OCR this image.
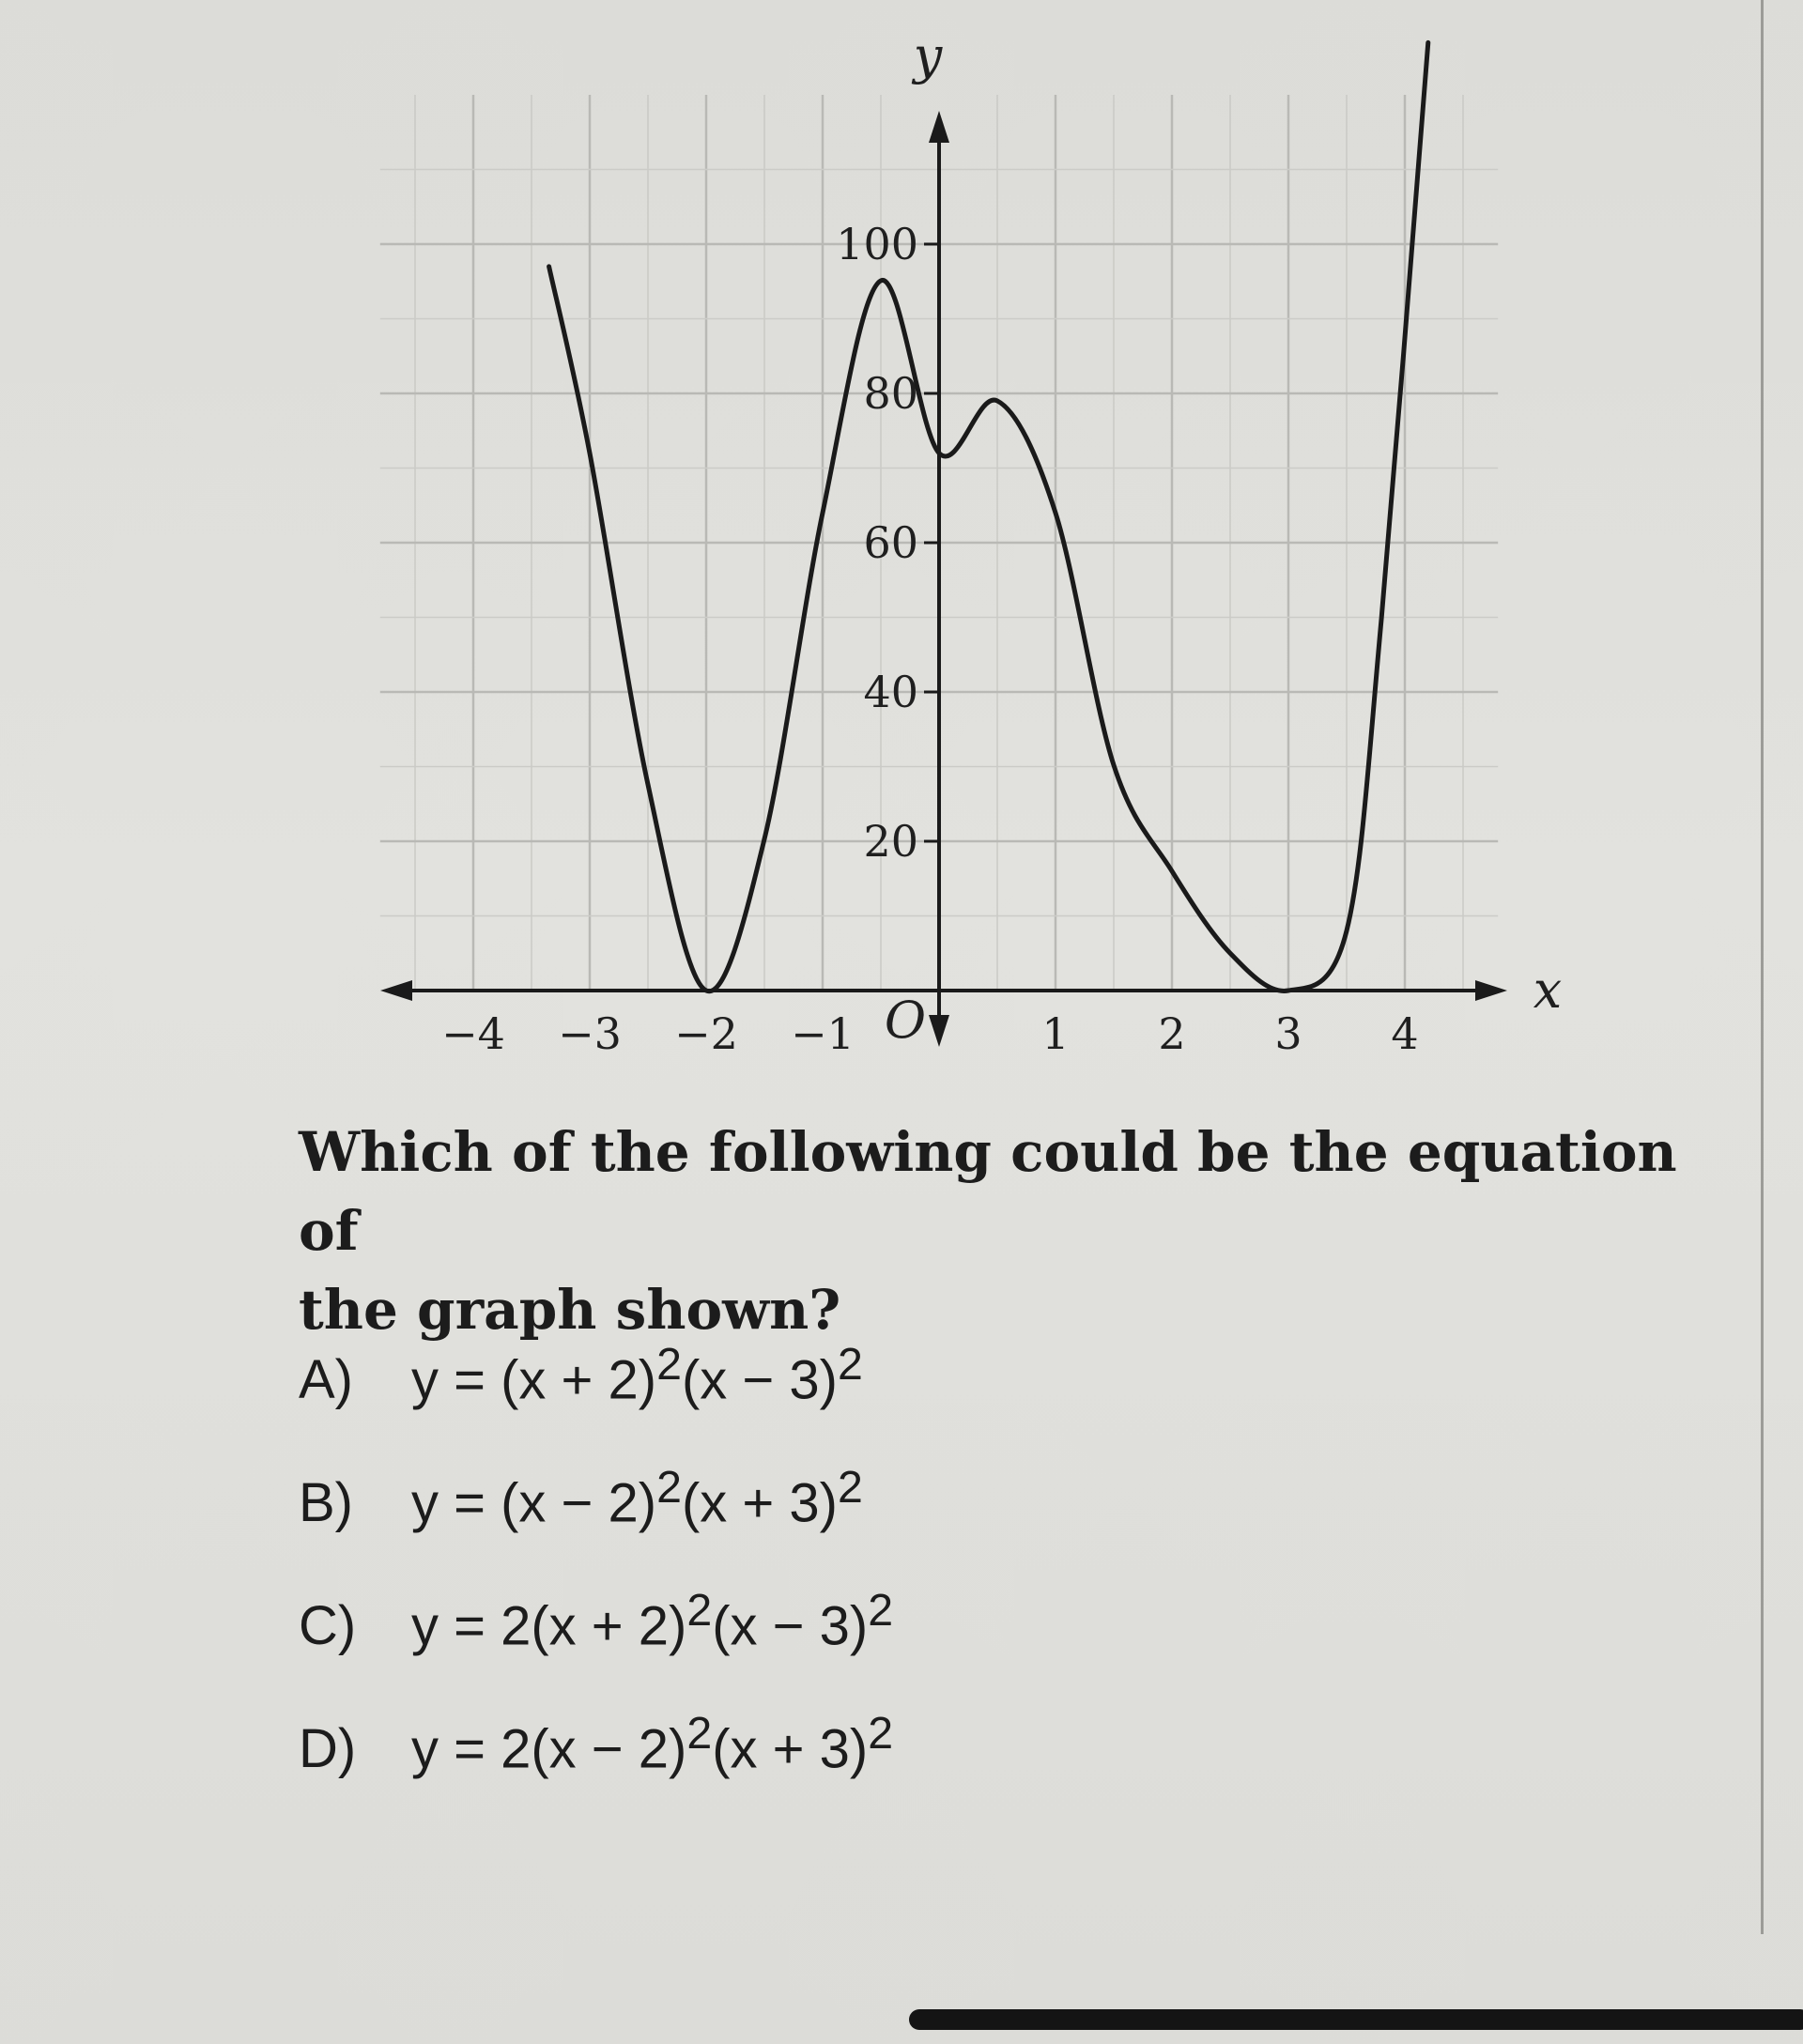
−4 −3 −2 −1	1 2 3 4
20
40
60
80
100
O
x
y
Which of the following could be the equation of
the graph shown?
A)	$y = (x + 2)^2(x - 3)^2$
B)	$y = (x - 2)^2(x + 3)^2$
C)	$y = 2(x + 2)^2(x - 3)^2$
D)	$y = 2(x - 2)^2(x + 3)^2$
